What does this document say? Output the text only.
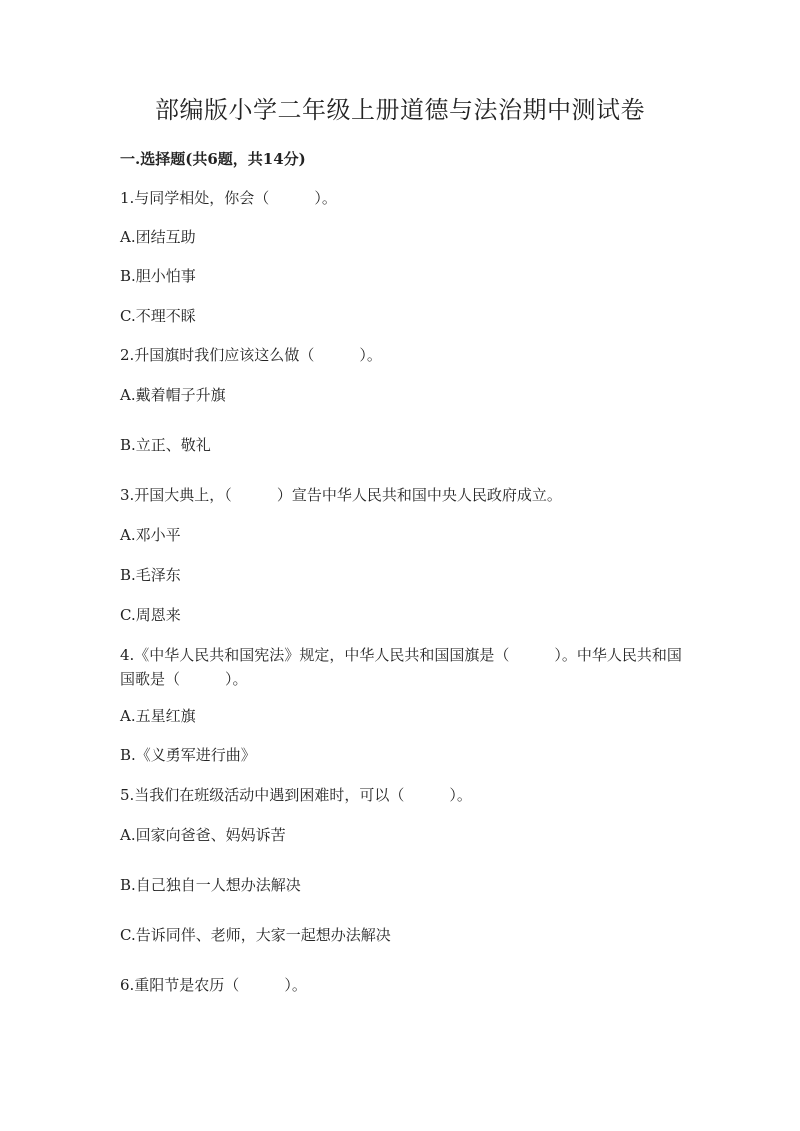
部编版小学二年级上册道德与法治期中测试卷

一.选择题(共6题，共14分)

1.与同学相处，你会（　　　）。

A.团结互助

B.胆小怕事

C.不理不睬

2.升国旗时我们应该这么做（　　　）。

A.戴着帽子升旗

B.立正、敬礼

3.开国大典上，（　　　）宣告中华人民共和国中央人民政府成立。

A.邓小平

B.毛泽东

C.周恩来

4.《中华人民共和国宪法》规定，中华人民共和国国旗是（　　　）。中华人民共和国国歌是（　　　）。

A.五星红旗

B.《义勇军进行曲》

5.当我们在班级活动中遇到困难时，可以（　　　）。

A.回家向爸爸、妈妈诉苦

B.自己独自一人想办法解决

C.告诉同伴、老师，大家一起想办法解决

6.重阳节是农历（　　　）。
